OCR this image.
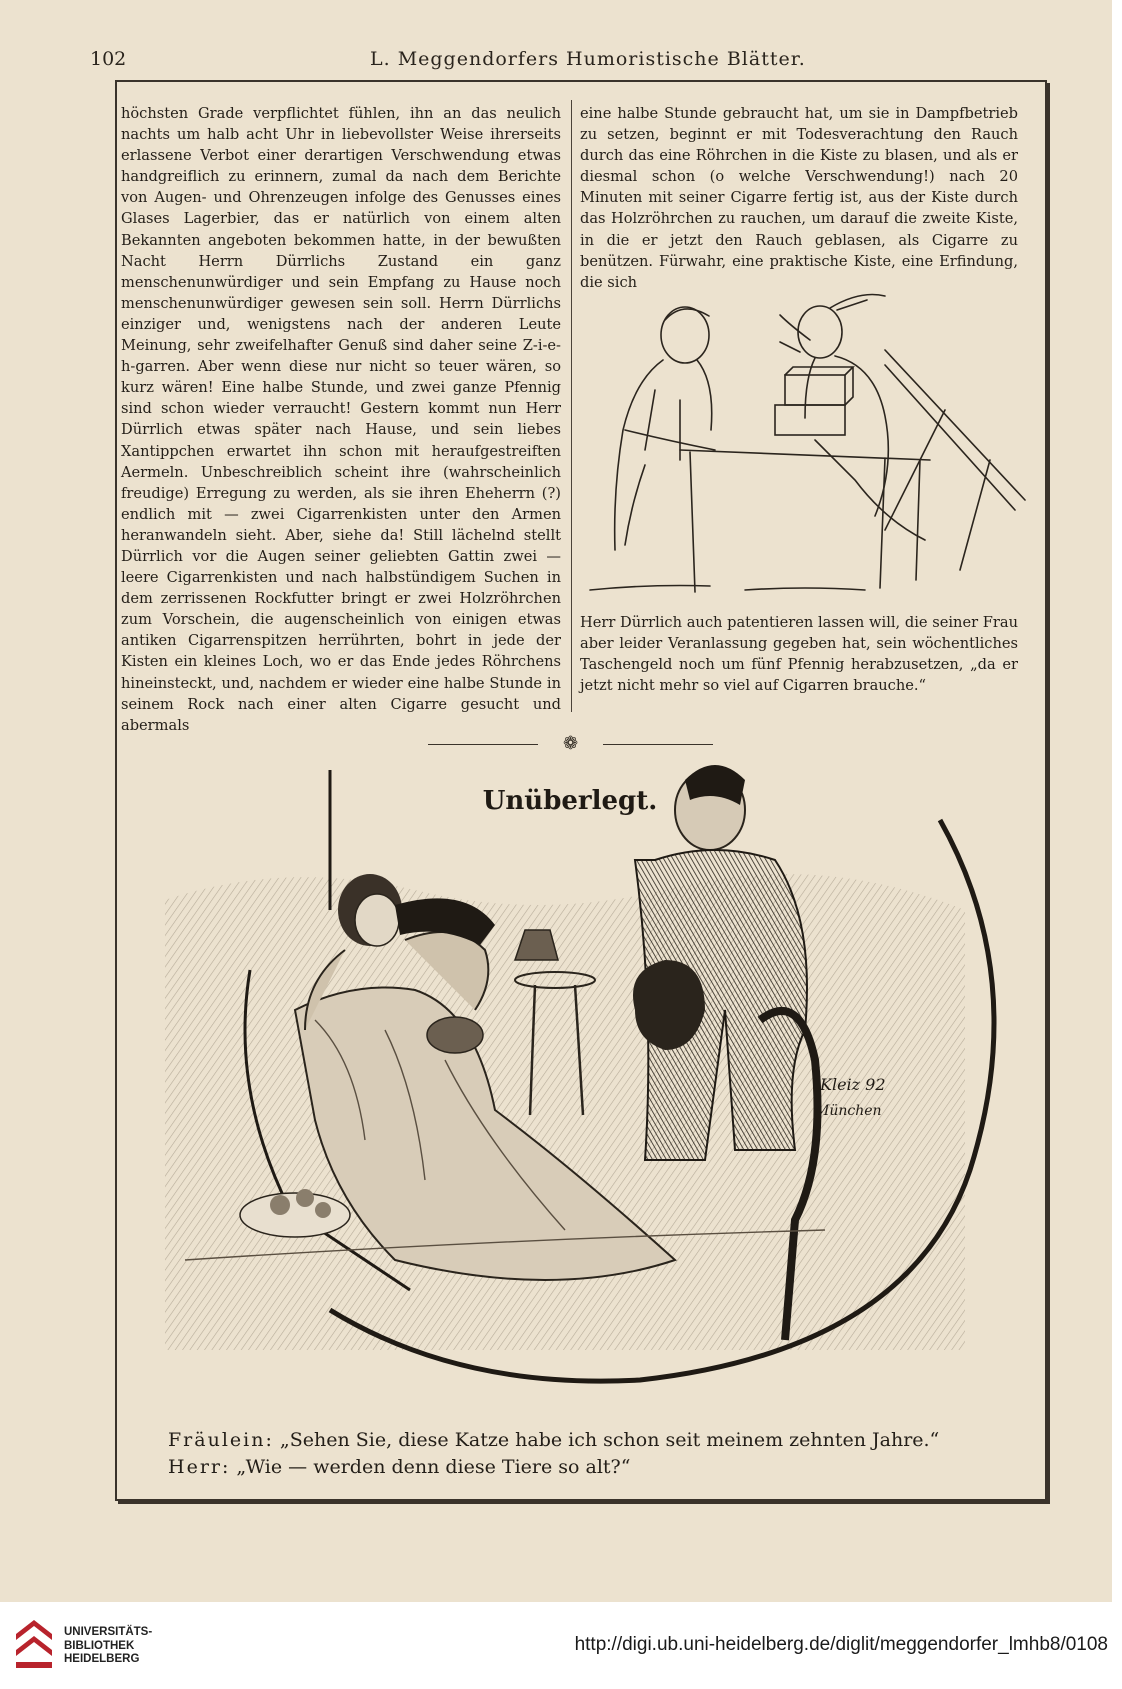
102	L. Meggendorfers Humoristische Blätter.
höchsten Grade verpflichtet fühlen, ihn an das neulich nachts um halb acht Uhr in liebevollster Weise ihrerseits erlassene Verbot einer derartigen Verschwendung etwas handgreiflich zu erinnern, zumal da nach dem Berichte von Augen- und Ohrenzeugen infolge des Genusses eines Glases Lagerbier, das er natürlich von einem alten Bekannten angeboten bekommen hatte, in der bewußten Nacht Herrn Dürrlichs Zustand ein ganz menschenunwürdiger und sein Empfang zu Hause noch menschenunwürdiger gewesen sein soll. Herrn Dürrlichs einziger und, wenigstens nach der anderen Leute Meinung, sehr zweifelhafter Genuß sind daher seine Z-i-e-h-garren. Aber wenn diese nur nicht so teuer wären, so kurz wären! Eine halbe Stunde, und zwei ganze Pfennig sind schon wieder verraucht! Gestern kommt nun Herr Dürrlich etwas später nach Hause, und sein liebes Xantippchen erwartet ihn schon mit heraufgestreiften Aermeln. Unbeschreiblich scheint ihre (wahrscheinlich freudige) Erregung zu werden, als sie ihren Eheherrn (?) endlich mit — zwei Cigarrenkisten unter den Armen heranwandeln sieht. Aber, siehe da! Still lächelnd stellt Dürrlich vor die Augen seiner geliebten Gattin zwei — leere Cigarrenkisten und nach halbstündigem Suchen in dem zerrissenen Rockfutter bringt er zwei Holzröhrchen zum Vorschein, die augenscheinlich von einigen etwas antiken Cigarrenspitzen herrührten, bohrt in jede der Kisten ein kleines Loch, wo er das Ende jedes Röhrchens hineinsteckt, und, nachdem er wieder eine halbe Stunde in seinem Rock nach einer alten Cigarre gesucht und abermals
eine halbe Stunde gebraucht hat, um sie in Dampfbetrieb zu setzen, beginnt er mit Todesverachtung den Rauch durch das eine Röhrchen in die Kiste zu blasen, und als er diesmal schon (o welche Verschwendung!) nach 20 Minuten mit seiner Cigarre fertig ist, aus der Kiste durch das Holzröhrchen zu rauchen, um darauf die zweite Kiste, in die er jetzt den Rauch geblasen, als Cigarre zu benützen. Fürwahr, eine praktische Kiste, eine Erfindung, die sich
Herr Dürrlich auch patentieren lassen will, die seiner Frau aber leider Veranlassung gegeben hat, sein wöchentliches Taschengeld noch um fünf Pfennig herabzusetzen, „da er jetzt nicht mehr so viel auf Cigarren brauche.“
❁
Unüberlegt.
Kleiz 92
München
Fräulein: „Sehen Sie, diese Katze habe ich schon seit meinem zehnten Jahre.“
Herr: „Wie — werden denn diese Tiere so alt?“
UNIVERSITÄTS-
BIBLIOTHEK
HEIDELBERG
http://digi.ub.uni-heidelberg.de/diglit/meggendorfer_lmhb8/0108
